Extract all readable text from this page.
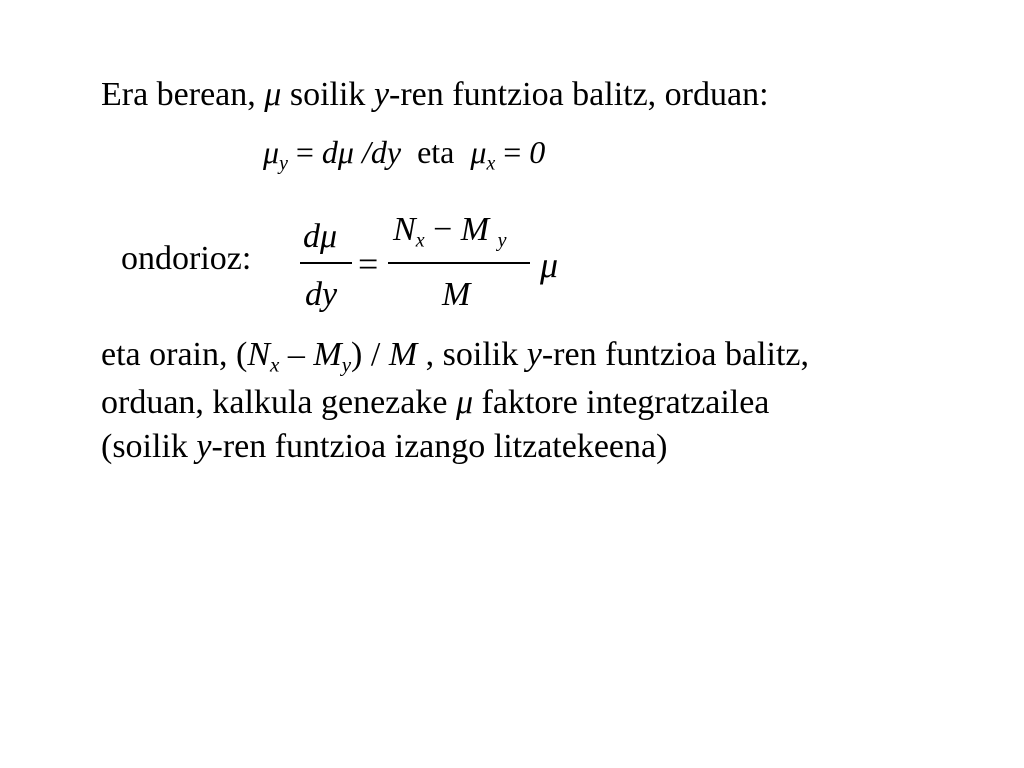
Era berean, μ soilik y-ren funtzioa balitz, orduan:
$\mu_y = d\mu$ /dy eta $\mu_x = 0$
ondorioz:
dμ
dy
=
$N_x - M$ $_y$
M
μ
eta orain, $(N_x - M_y)$ / M , soilik y-ren funtzioa balitz,
orduan, kalkula genezake μ faktore integratzailea
(soilik y-ren funtzioa izango litzatekeena)
